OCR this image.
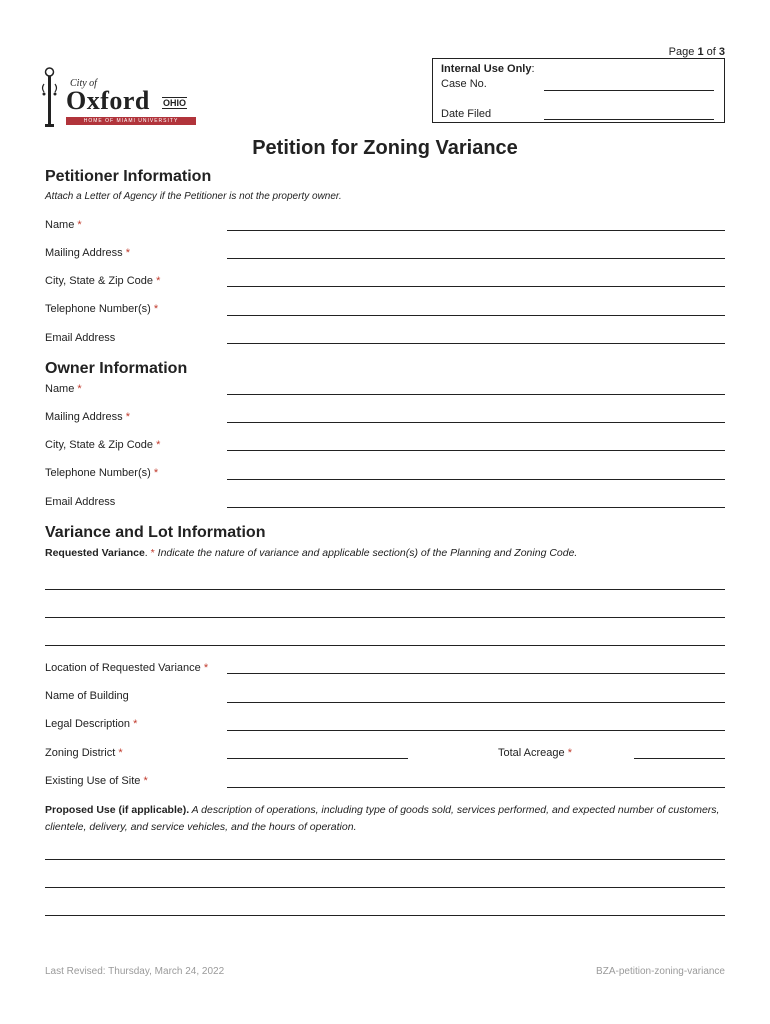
Page 1 of 3
City of
Oxford OHIO
HOME OF MIAMI UNIVERSITY
Internal Use Only:
Case No.
Date Filed
Petition for Zoning Variance
Petitioner Information
Attach a Letter of Agency if the Petitioner is not the property owner.
Name *
Mailing Address *
City, State & Zip Code *
Telephone Number(s) *
Email Address
Owner Information
Name *
Mailing Address *
City, State & Zip Code *
Telephone Number(s) *
Email Address
Variance and Lot Information
Requested Variance. * Indicate the nature of variance and applicable section(s) of the Planning and Zoning Code.
Location of Requested Variance *
Name of Building
Legal Description *
Zoning District *	Total Acreage *
Existing Use of Site *
Proposed Use (if applicable). A description of operations, including type of goods sold, services performed, and expected number of customers, clientele, delivery, and service vehicles, and the hours of operation.
Last Revised: Thursday, March 24, 2022	BZA-petition-zoning-variance
